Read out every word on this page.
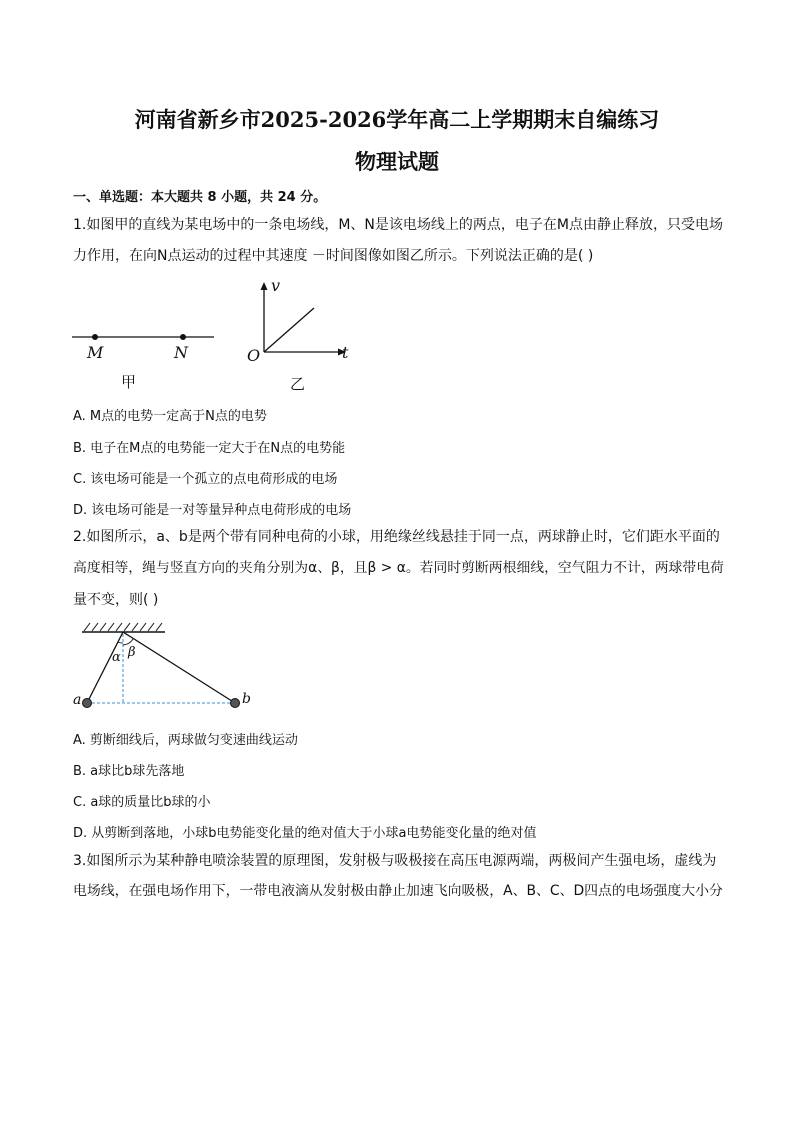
河南省新乡市2025-2026学年高二上学期期末自编练习
物理试题
一、单选题：本大题共 8 小题，共 24 分。
1.如图甲的直线为某电场中的一条电场线，M、N是该电场线上的两点，电子在M点由静止释放，只受电场
力作用，在向N点运动的过程中其速度 －时间图像如图乙所示。下列说法正确的是( )
M	N
甲
v
t
O
乙
A. M点的电势一定高于N点的电势
B. 电子在M点的电势能一定大于在N点的电势能
C. 该电场可能是一个孤立的点电荷形成的电场
D. 该电场可能是一对等量异种点电荷形成的电场
2.如图所示，a、b是两个带有同种电荷的小球，用绝缘丝线悬挂于同一点，两球静止时，它们距水平面的
高度相等，绳与竖直方向的夹角分别为α、β，且β > α。若同时剪断两根细线，空气阻力不计，两球带电荷
量不变，则( )
α β
a	b
A. 剪断细线后，两球做匀变速曲线运动
B. a球比b球先落地
C. a球的质量比b球的小
D. 从剪断到落地，小球b电势能变化量的绝对值大于小球a电势能变化量的绝对值
3.如图所示为某种静电喷涂装置的原理图，发射极与吸极接在高压电源两端，两极间产生强电场，虚线为
电场线，在强电场作用下，一带电液滴从发射极由静止加速飞向吸极，A、B、C、D四点的电场强度大小分
